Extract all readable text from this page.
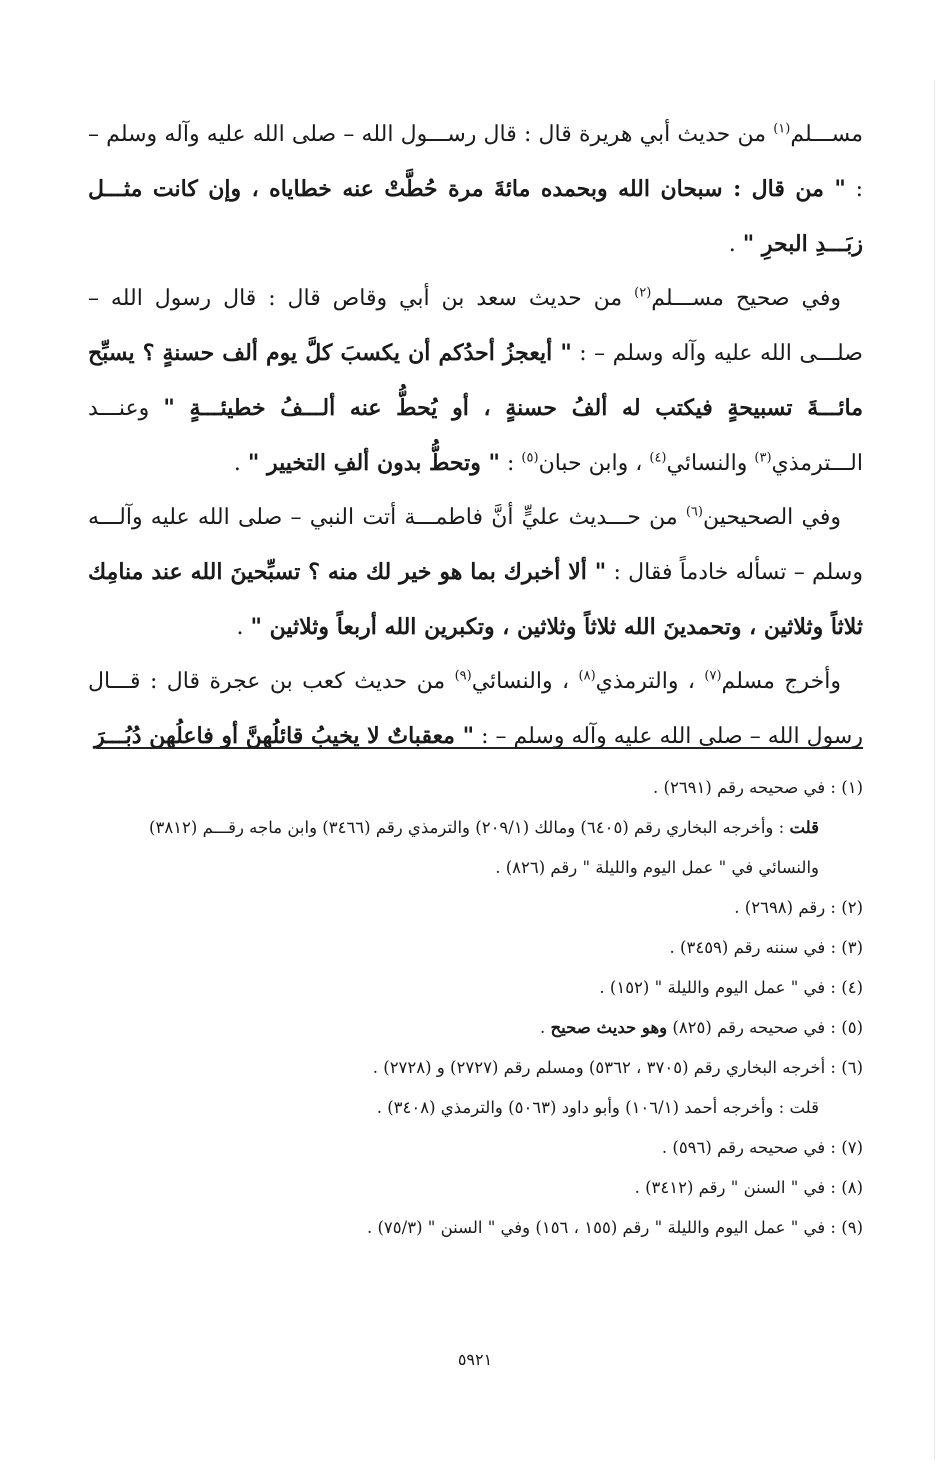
مســـلم$^{(١)}$ من حديث أبي هريرة قال : قال رســـول الله – صلى الله عليه وآله وسلم – : " من قال : سبحان الله وبحمده مائةَ مرة حُطَّتْ عنه خطاياه ، وإن كانت مثـــل زبَـــدِ البحرِ " .

وفي صحيح مســـلم$^{(٢)}$ من حديث سعد بن أبي وقاص قال : قال رسول الله – صلـــى الله عليه وآله وسلم – : " أيعجزُ أحدُكم أن يكسبَ كلَّ يوم ألف حسنةٍ ؟ يسبِّح مائـــةَ تسبيحةٍ فيكتب له ألفُ حسنةٍ ، أو يُحطُّ عنه ألـــفُ خطيئـــةٍ " وعنـــد الـــترمذي$^{(٣)}$ والنسائي$^{(٤)}$ ، وابن حبان$^{(٥)}$ : " وتحطُّ بدون ألفِ التخيير " .

وفي الصحيحين$^{(٦)}$ من حـــديث عليٍّ أنَّ فاطمـــة أتت النبي – صلى الله عليه وآلـــه وسلم – تسأله خادماً فقال : " ألا أخبرك بما هو خير لك منه ؟ تسبِّحينَ الله عند منامِك ثلاثاً وثلاثين ، وتحمدينَ الله ثلاثاً وثلاثين ، وتكبرين الله أربعاً وثلاثين " .

وأخرج مسلم$^{(٧)}$ ، والترمذي$^{(٨)}$ ، والنسائي$^{(٩)}$ من حديث كعب بن عجرة قال : قـــال رسول الله – صلى الله عليه وآله وسلم – : " معقباتٌ لا يخيبُ قائلُهنَّ أو فاعلُهن دُبُـــرَ

(١) : في صحيحه رقم (٢٦٩١) .

قلت : وأخرجه البخاري رقم (٦٤٠٥) ومالك (٢٠٩/١) والترمذي رقم (٣٤٦٦) وابن ماجه رقـــم (٣٨١٢) والنسائي في " عمل اليوم والليلة " رقم (٨٢٦) .

(٢) : رقم (٢٦٩٨) .

(٣) : في سننه رقم (٣٤٥٩) .

(٤) : في " عمل اليوم والليلة " (١٥٢) .

(٥) : في صحيحه رقم (٨٢٥) وهو حديث صحيح .

(٦) : أخرجه البخاري رقم (٣٧٠٥ ، ٥٣٦٢) ومسلم رقم (٢٧٢٧) و (٢٧٢٨) .

قلت : وأخرجه أحمد (١٠٦/١) وأبو داود (٥٠٦٣) والترمذي (٣٤٠٨) .

(٧) : في صحيحه رقم (٥٩٦) .

(٨) : في " السنن " رقم (٣٤١٢) .

(٩) : في " عمل اليوم والليلة " رقم (١٥٥ ، ١٥٦) وفي " السنن " (٧٥/٣) .

٥٩٢١
